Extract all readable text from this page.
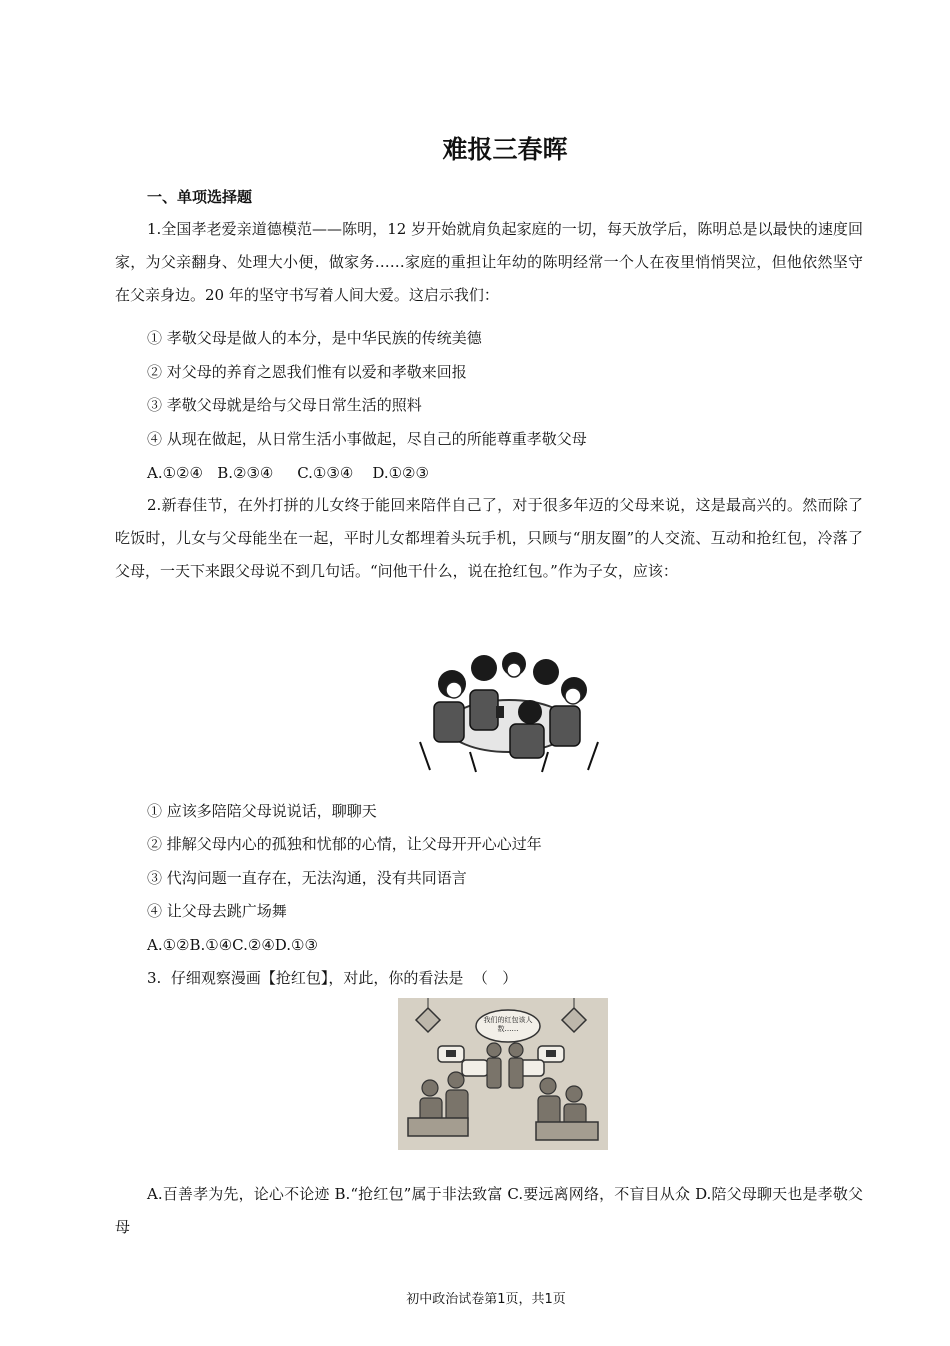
难报三春晖
一、单项选择题

1.全国孝老爱亲道德模范——陈明，12 岁开始就肩负起家庭的一切，每天放学后，陈明总是以最快的速度回家，为父亲翻身、处理大小便，做家务……家庭的重担让年幼的陈明经常一个人在夜里悄悄哭泣，但他依然坚守在父亲身边。20 年的坚守书写着人间大爱。这启示我们：

① 孝敬父母是做人的本分，是中华民族的传统美德
② 对父母的养育之恩我们惟有以爱和孝敬来回报
③ 孝敬父母就是给与父母日常生活的照料
④ 从现在做起，从日常生活小事做起，尽自己的所能尊重孝敬父母
A.①②④   B.②③④     C.①③④    D.①②③

2.新春佳节，在外打拼的儿女终于能回来陪伴自己了，对于很多年迈的父母来说，这是最高兴的。然而除了吃饭时，儿女与父母能坐在一起，平时儿女都埋着头玩手机，只顾与“朋友圈”的人交流、互动和抢红包，冷落了父母，一天下来跟父母说不到几句话。“问他干什么，说在抢红包。”作为子女，应该：

① 应该多陪陪父母说说话，聊聊天
② 排解父母内心的孤独和忧郁的心情，让父母开开心心过年
③ 代沟问题一直存在，无法沟通，没有共同语言
④ 让父母去跳广场舞
A.①②B.①④C.②④D.①③
3.  仔细观察漫画【抢红包】，对此，你的看法是  （   ）
我们的红包该人数……

A.百善孝为先，论心不论迹 B.“抢红包”属于非法致富 C.要远离网络，不盲目从众 D.陪父母聊天也是孝敬父母

初中政治试卷第1页，共1页
